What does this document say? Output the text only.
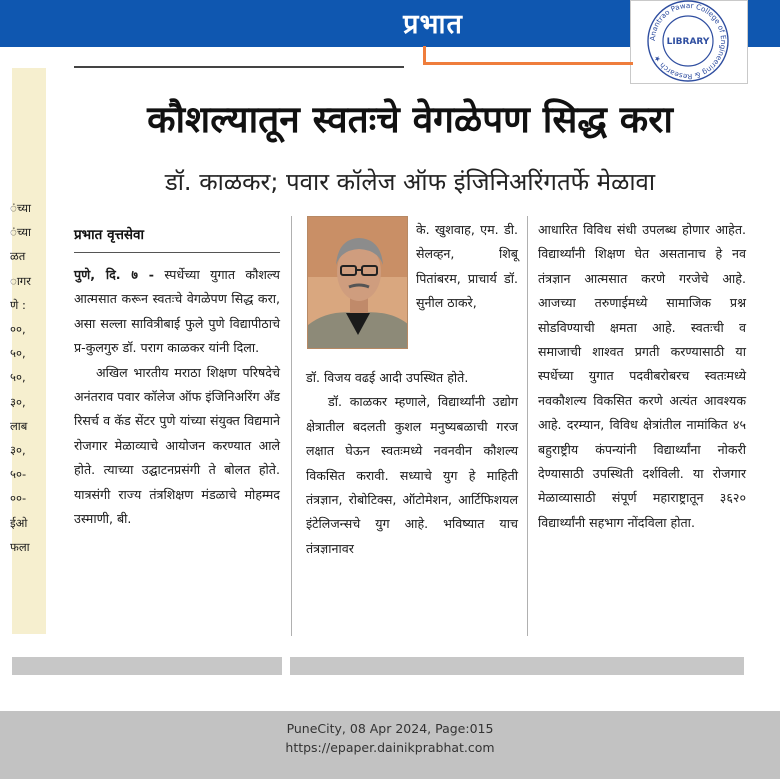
प्रभात	Anantrao Pawar College of Engineering & Research ★
LIBRARY
ंच्या
ंच्या
ळत
ागर
णे :
००,
५०,
५०,
३०,
लाब
३०,
५०-
००-
ईओ
फला
कौशल्यातून स्वतःचे वेगळेपण सिद्ध करा
डॉ. काळकर; पवार कॉलेज ऑफ इंजिनिअरिंगतर्फे मेळावा
प्रभात वृत्तसेवा

पुणे, दि. ७ - स्पर्धेच्या युगात कौशल्य आत्मसात करून स्वतःचे वेगळेपण सिद्ध करा, असा सल्ला सावित्रीबाई फुले पुणे विद्यापीठाचे प्र-कुलगुरु डॉ. पराग काळकर यांनी दिला.

अखिल भारतीय मराठा शिक्षण परिषदेचे अनंतराव पवार कॉलेज ऑफ इंजिनिअरिंग अँड रिसर्च व कॅड सेंटर पुणे यांच्या संयुक्त विद्यमाने रोजगार मेळाव्याचे आयोजन करण्यात आले होते. त्याच्या उद्घाटनप्रसंगी ते बोलत होते. यात्रसंगी राज्य तंत्रशिक्षण मंडळाचे मोहम्मद उस्माणी, बी.

के. खुशवाह, एम. डी. सेलव्हन, शिबू पितांबरम, प्राचार्य डॉ. सुनील ठाकरे,

डॉ. विजय वढई आदी उपस्थित होते.

डॉ. काळकर म्हणाले, विद्यार्थ्यांनी उद्योग क्षेत्रातील बदलती कुशल मनुष्यबळाची गरज लक्षात घेऊन स्वतःमध्ये नवनवीन कौशल्य विकसित करावी. सध्याचे युग हे माहिती तंत्रज्ञान, रोबोटिक्स, ऑटोमेशन, आर्टिफिशयल इंटेलिजन्सचे युग आहे. भविष्यात याच तंत्रज्ञानावर

आधारित विविध संधी उपलब्ध होणार आहेत. विद्यार्थ्यांनी शिक्षण घेत असतानाच हे नव तंत्रज्ञान आत्मसात करणे गरजेचे आहे. आजच्या तरुणाईमध्ये सामाजिक प्रश्न सोडविण्याची क्षमता आहे. स्वतःची व समाजाची शाश्वत प्रगती करण्यासाठी या स्पर्धेच्या युगात पदवीबरोबरच स्वतःमध्ये नवकौशल्य विकसित करणे अत्यंत आवश्यक आहे. दरम्यान, विविध क्षेत्रांतील नामांकित ४५ बहुराष्ट्रीय कंपन्यांनी विद्यार्थ्यांना नोकरी देण्यासाठी उपस्थिती दर्शविली. या रोजगार मेळाव्यासाठी संपूर्ण महाराष्ट्रातून ३६२० विद्यार्थ्यांनी सहभाग नोंदविला होता.
PuneCity, 08 Apr 2024, Page:015
https://epaper.dainikprabhat.com
